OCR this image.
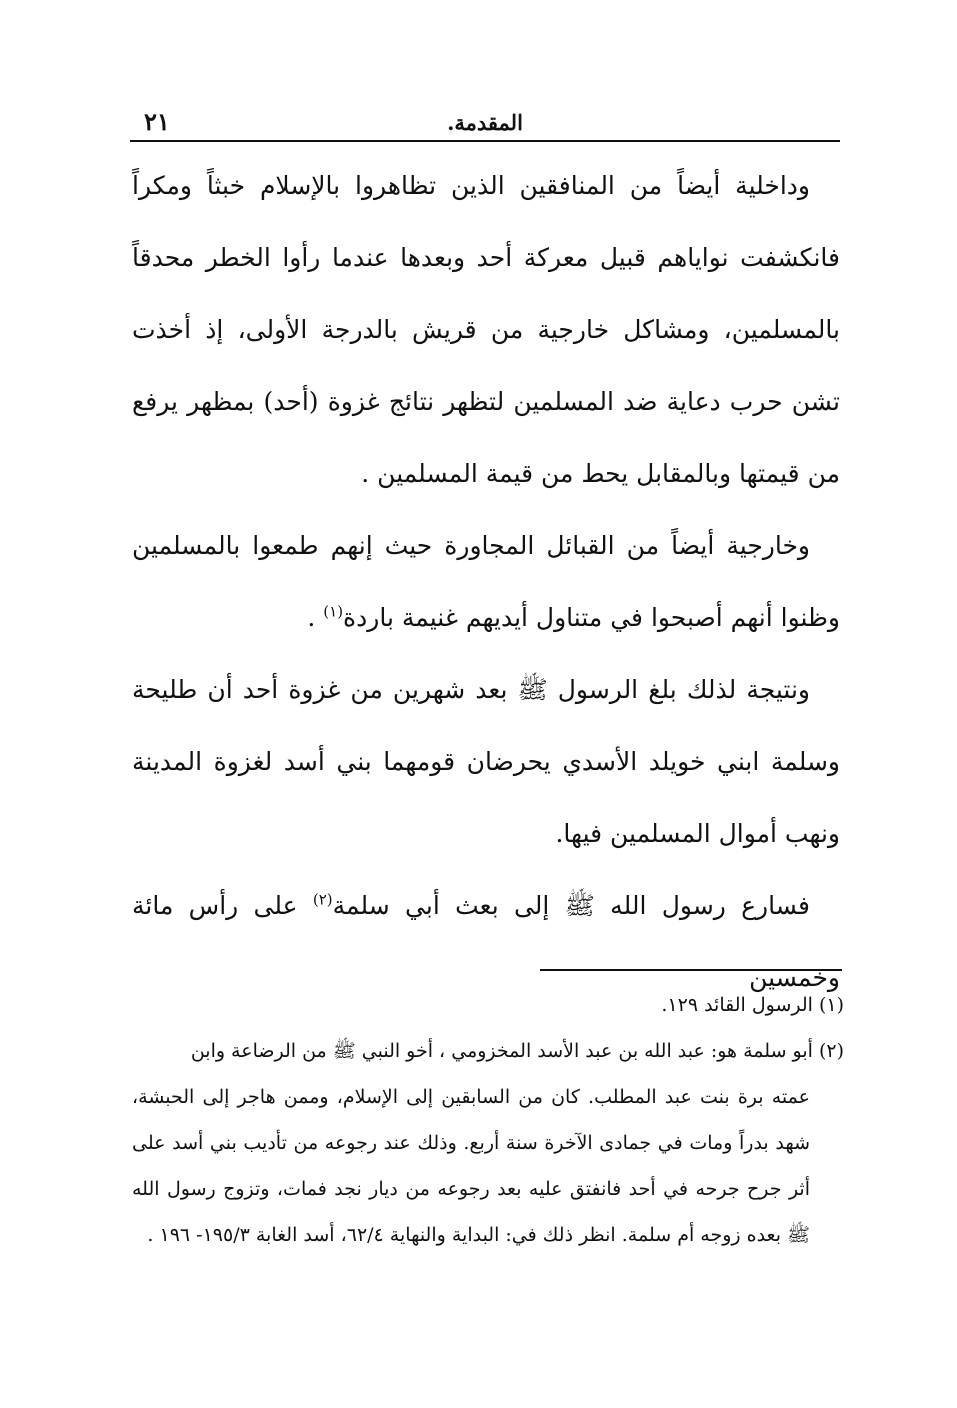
المقدمة.
٢١

وداخلية أيضاً من المنافقين الذين تظاهروا بالإسلام خبثاً ومكراً فانكشفت نواياهم قبيل معركة أحد وبعدها عندما رأوا الخطر محدقاً بالمسلمين، ومشاكل خارجية من قريش بالدرجة الأولى، إذ أخذت تشن حرب دعاية ضد المسلمين لتظهر نتائج غزوة (أحد) بمظهر يرفع من قيمتها وبالمقابل يحط من قيمة المسلمين .

وخارجية أيضاً من القبائل المجاورة حيث إنهم طمعوا بالمسلمين وظنوا أنهم أصبحوا في متناول أيديهم غنيمة باردة$^{(١)}$ .

ونتيجة لذلك بلغ الرسول ﷺ بعد شهرين من غزوة أحد أن طليحة وسلمة ابني خويلد الأسدي يحرضان قومهما بني أسد لغزوة المدينة ونهب أموال المسلمين فيها.

فسارع رسول الله ﷺ إلى بعث أبي سلمة$^{(٢)}$ على رأس مائة وخمسين

(١)الرسول القائد ١٢٩.

(٢)أبو سلمة هو: عبد الله بن عبد الأسد المخزومي ، أخو النبي ﷺ من الرضاعة وابن

عمته برة بنت عبد المطلب. كان من السابقين إلى الإسلام، وممن هاجر إلى الحبشة، شهد بدراً ومات في جمادى الآخرة سنة أربع. وذلك عند رجوعه من تأديب بني أسد على أثر جرح جرحه في أحد فانفتق عليه بعد رجوعه من ديار نجد فمات، وتزوج رسول الله ﷺ بعده زوجه أم سلمة. انظر ذلك في: البداية والنهاية ٦٢/٤، أسد الغابة ١٩٥/٣- ١٩٦ .
